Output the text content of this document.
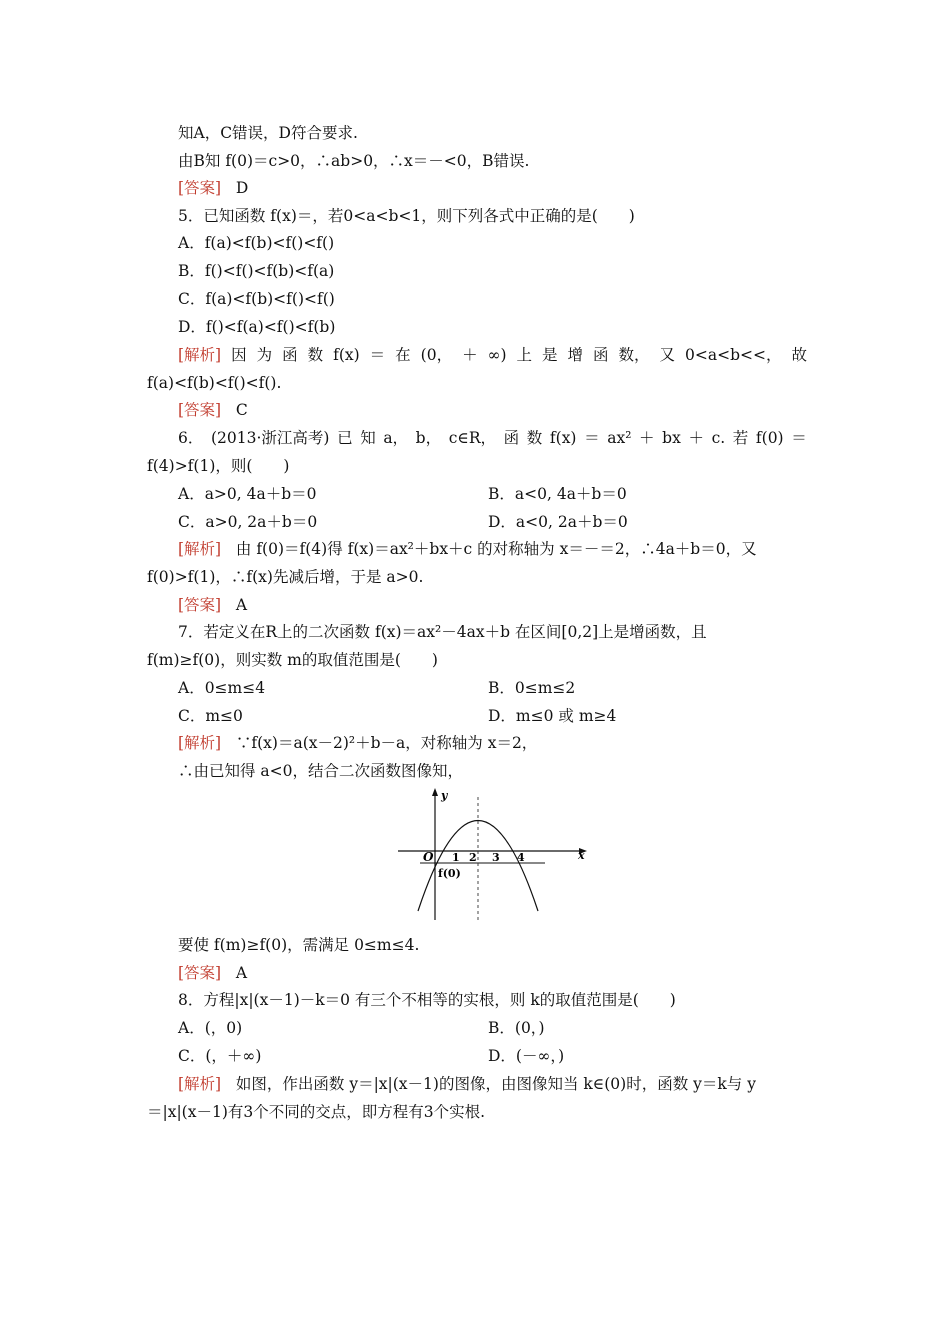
知A，C错误，D符合要求.
由B知 f(0)＝c>0，∴ab>0，∴x＝－<0，B错误.
[答案] D
5．已知函数 f(x)＝，若0<a<b<1，则下列各式中正确的是(　　)
A．f(a)<f(b)<f()<f()
B．f()<f()<f(b)<f(a)
C．f(a)<f(b)<f()<f()
D．f()<f(a)<f()<f(b)
[解析] 因 为 函 数 f(x) ＝ 在 (0， ＋ ∞) 上 是 增 函 数， 又 0<a<b<<， 故
f(a)<f(b)<f()<f().
[答案] C
6． (2013·浙江高考) 已 知 a， b， c∈R， 函 数 f(x) ＝ ax² ＋ bx ＋ c. 若 f(0) ＝
f(4)>f(1)，则(　　)
A．a>0, 4a＋b＝0	B．a<0, 4a＋b＝0
C．a>0, 2a＋b＝0	D．a<0, 2a＋b＝0
[解析] 由 f(0)＝f(4)得 f(x)＝ax²＋bx＋c 的对称轴为 x＝－＝2，∴4a＋b＝0，又
f(0)>f(1)，∴f(x)先减后增，于是 a>0.
[答案] A
7．若定义在R上的二次函数 f(x)＝ax²－4ax＋b 在区间[0,2]上是增函数，且
f(m)≥f(0)，则实数 m的取值范围是(　　)
A．0≤m≤4	B．0≤m≤2
C．m≤0	D．m≤0 或 m≥4
[解析] ∵f(x)＝a(x－2)²＋b－a，对称轴为 x＝2，
∴由已知得 a<0，结合二次函数图像知，
y
x
O 1 2 3 4
f(0)
要使 f(m)≥f(0)，需满足 0≤m≤4.
[答案] A
8．方程|x|(x－1)－k＝0 有三个不相等的实根，则 k的取值范围是(　　)
A．(，0)	B．(0，)
C．(，＋∞)	D．(－∞，)
[解析] 如图，作出函数 y＝|x|(x－1)的图像，由图像知当 k∈(0)时，函数 y＝k与 y
＝|x|(x－1)有3个不同的交点，即方程有3个实根.
